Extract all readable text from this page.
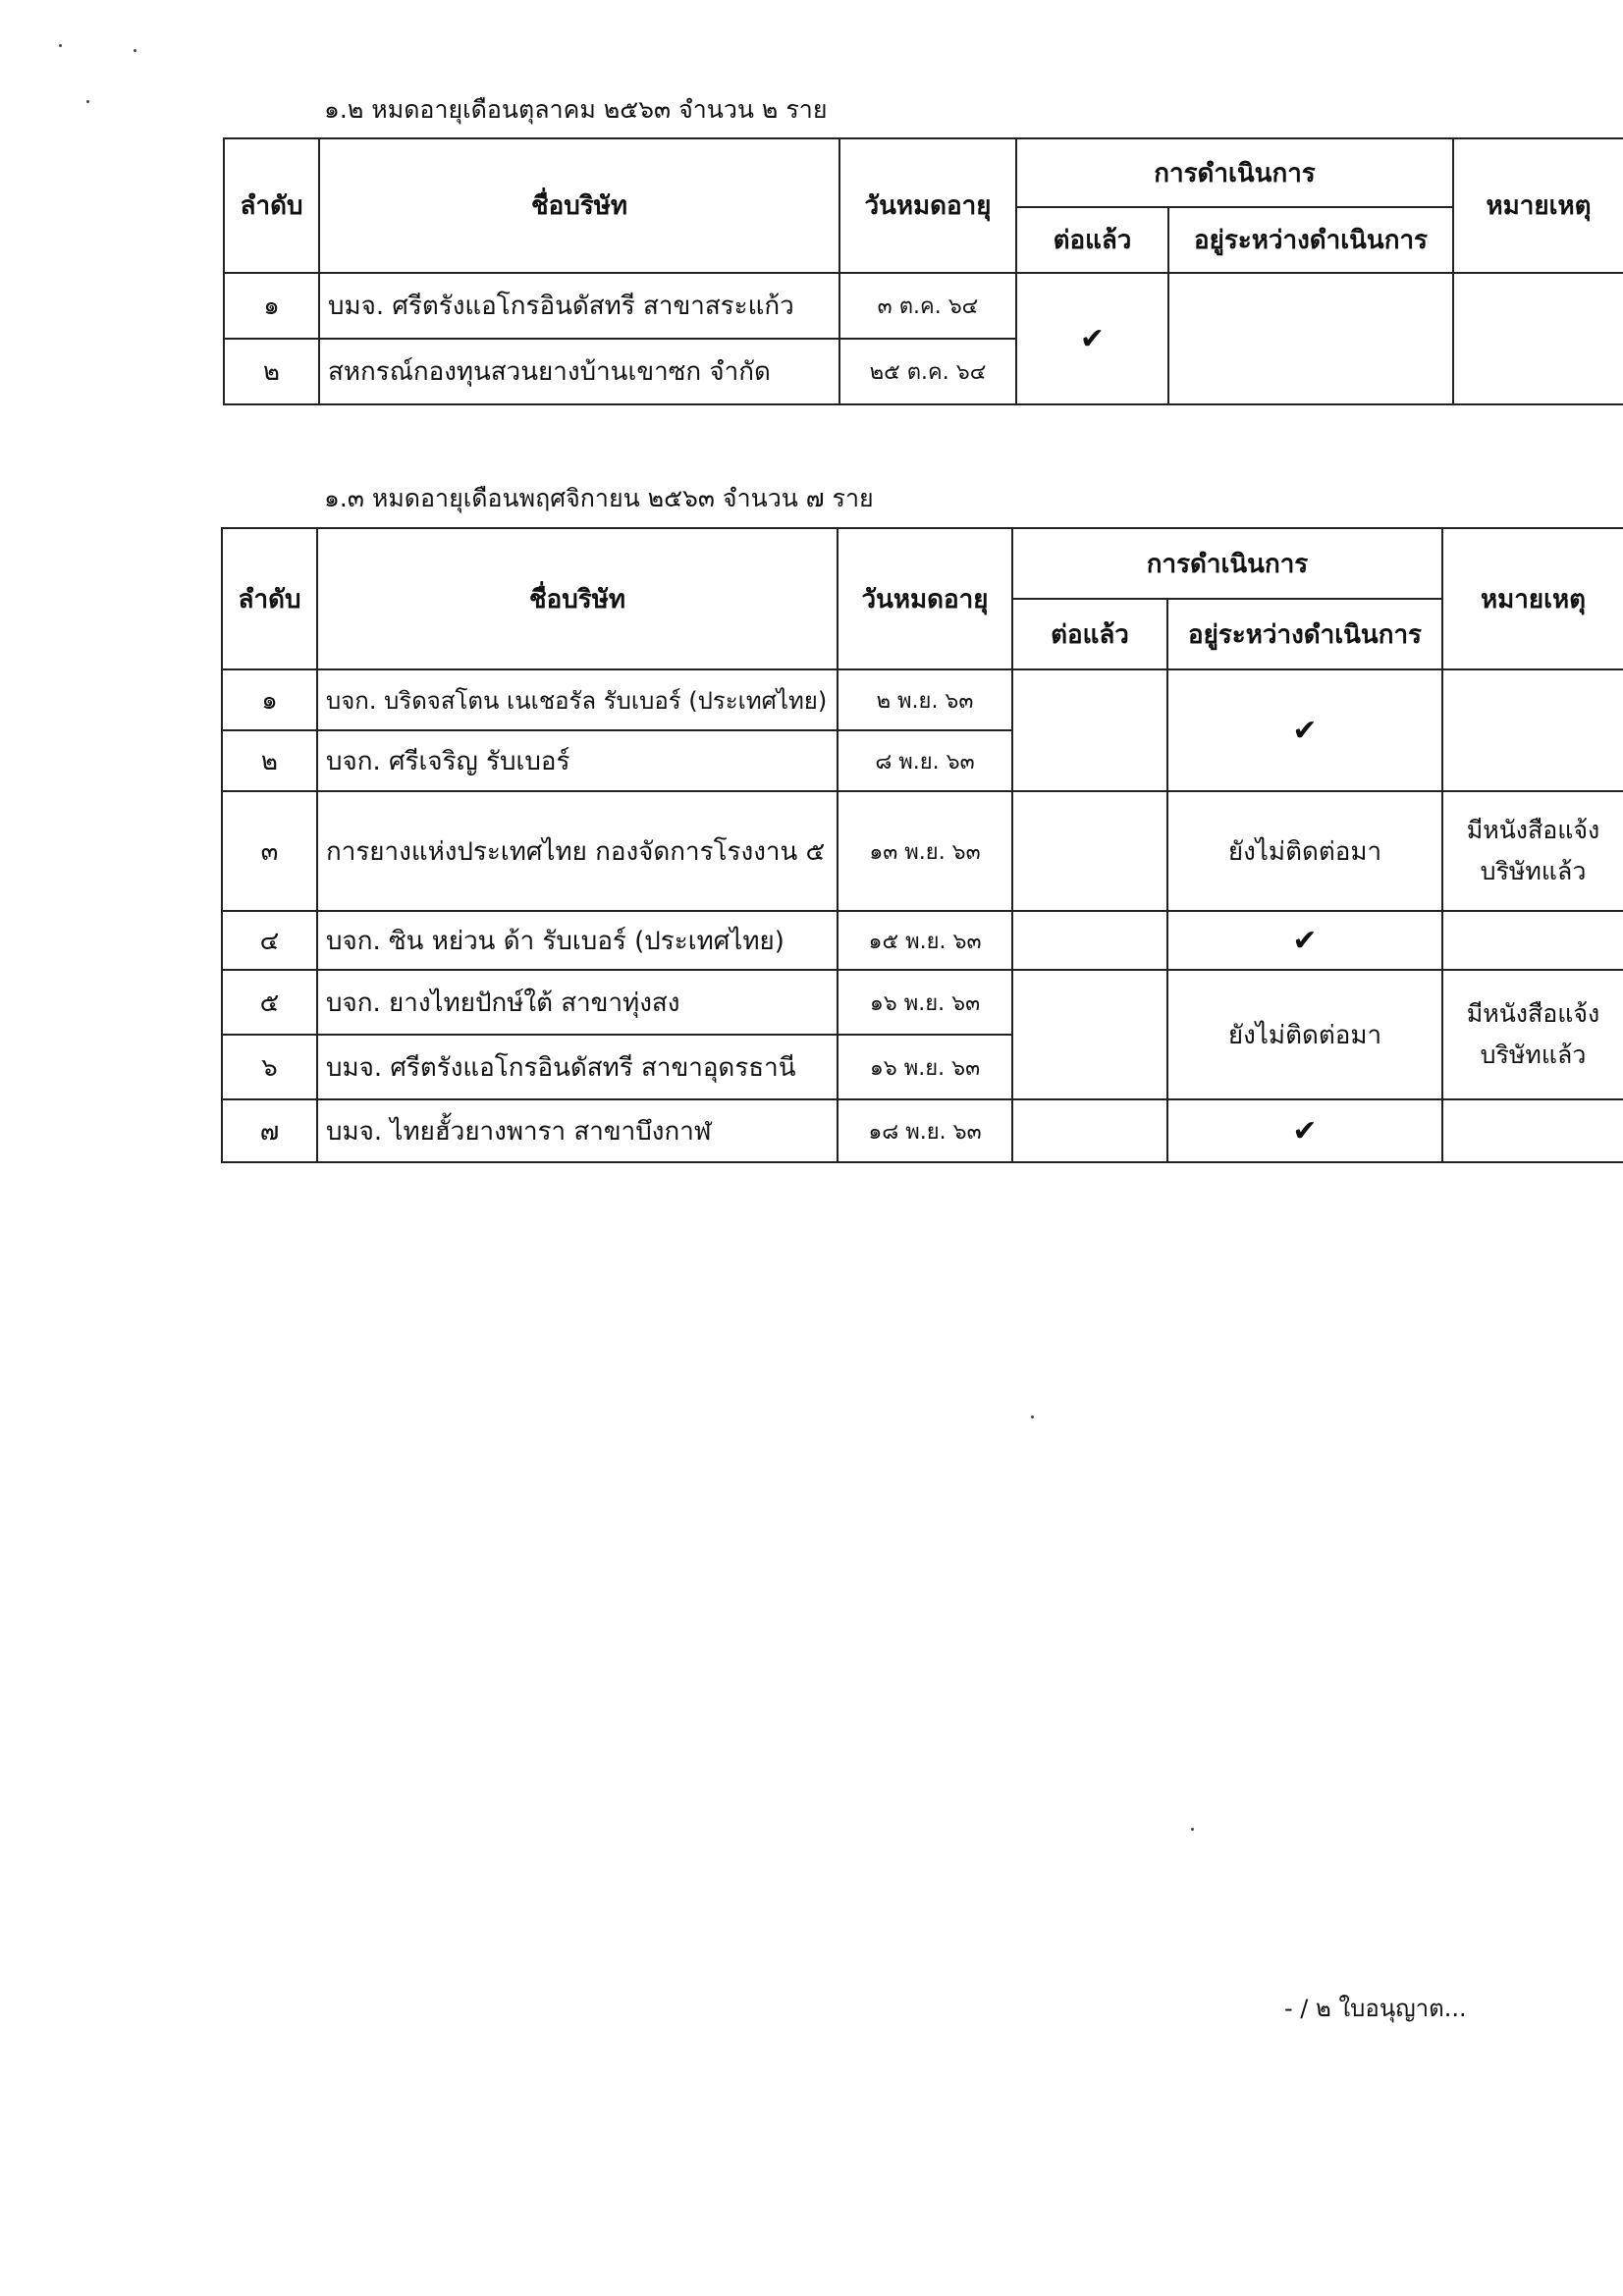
๑.๒ หมดอายุเดือนตุลาคม ๒๕๖๓ จำนวน ๒ ราย
ลำดับ	ชื่อบริษัท	วันหมดอายุ	การดำเนินการ		หมายเหตุ
			ต่อแล้ว	อยู่ระหว่างดำเนินการ	
๑	บมจ. ศรีตรังแอโกรอินดัสทรี สาขาสระแก้ว	๓ ต.ค. ๖๔	✔		
๒	สหกรณ์กองทุนสวนยางบ้านเขาซก จำกัด	๒๕ ต.ค. ๖๔			
๑.๓ หมดอายุเดือนพฤศจิกายน ๒๕๖๓ จำนวน ๗ ราย
ลำดับ	ชื่อบริษัท	วันหมดอายุ	การดำเนินการ		หมายเหตุ
			ต่อแล้ว	อยู่ระหว่างดำเนินการ	
๑	บจก. บริดจสโตน เนเชอรัล รับเบอร์ (ประเทศไทย)	๒ พ.ย. ๖๓		✔	
๒	บจก. ศรีเจริญ รับเบอร์	๘ พ.ย. ๖๓			
๓	การยางแห่งประเทศไทย กองจัดการโรงงาน ๕	๑๓ พ.ย. ๖๓		ยังไม่ติดต่อมา	มีหนังสือแจ้งบริษัทแล้ว
๔	บจก. ซิน หย่วน ด้า รับเบอร์ (ประเทศไทย)	๑๕ พ.ย. ๖๓		✔	
๕	บจก. ยางไทยปักษ์ใต้ สาขาทุ่งสง	๑๖ พ.ย. ๖๓		ยังไม่ติดต่อมา	มีหนังสือแจ้งบริษัทแล้ว
๖	บมจ. ศรีตรังแอโกรอินดัสทรี สาขาอุดรธานี	๑๖ พ.ย. ๖๓			
๗	บมจ. ไทยฮั้วยางพารา สาขาบึงกาฬ	๑๘ พ.ย. ๖๓		✔	
- / ๒ ใบอนุญาต...
